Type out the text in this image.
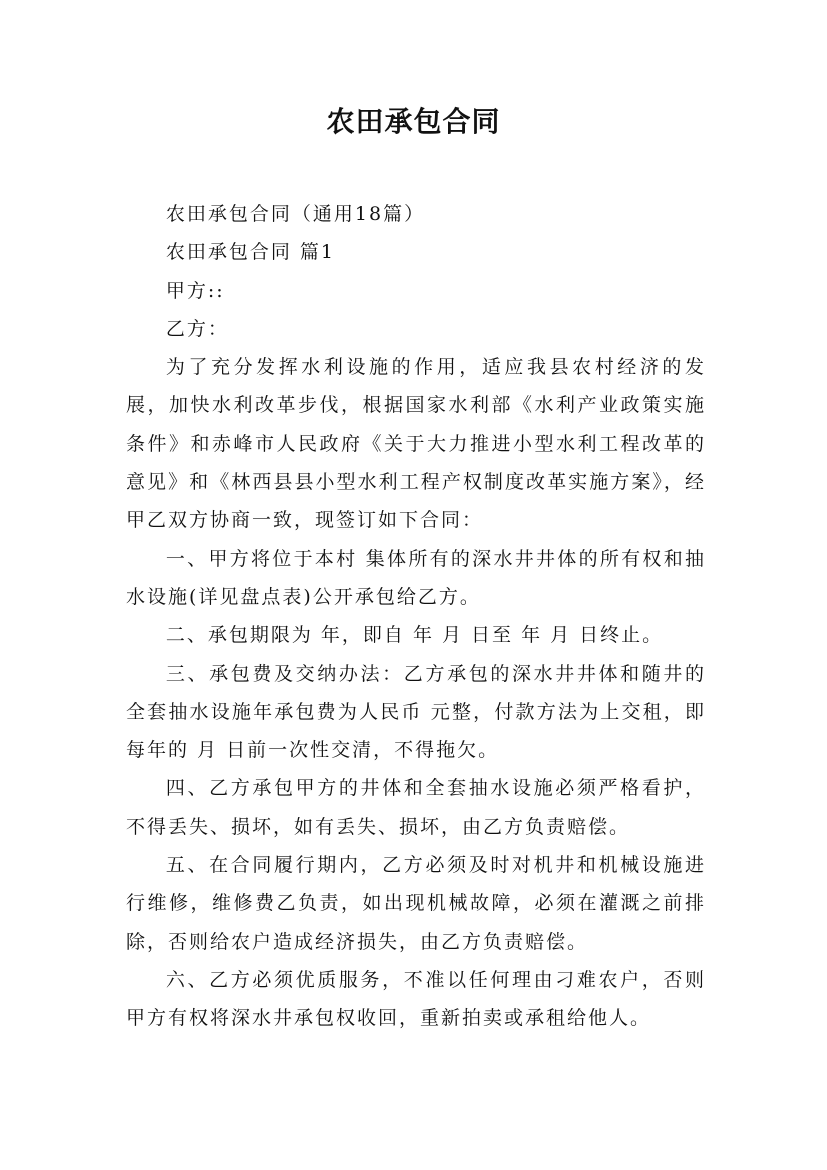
农田承包合同

农田承包合同（通用18篇）

农田承包合同 篇1

甲方::

乙方：

为了充分发挥水利设施的作用，适应我县农村经济的发展，加快水利改革步伐，根据国家水利部《水利产业政策实施条件》和赤峰市人民政府《关于大力推进小型水利工程改革的意见》和《林西县县小型水利工程产权制度改革实施方案》，经甲乙双方协商一致，现签订如下合同：

一、甲方将位于本村 集体所有的深水井井体的所有权和抽水设施(详见盘点表)公开承包给乙方。

二、承包期限为 年，即自 年 月 日至 年 月 日终止。

三、承包费及交纳办法：乙方承包的深水井井体和随井的全套抽水设施年承包费为人民币 元整，付款方法为上交租，即每年的 月 日前一次性交清，不得拖欠。

四、乙方承包甲方的井体和全套抽水设施必须严格看护，不得丢失、损坏，如有丢失、损坏，由乙方负责赔偿。

五、在合同履行期内，乙方必须及时对机井和机械设施进行维修，维修费乙负责，如出现机械故障，必须在灌溉之前排除，否则给农户造成经济损失，由乙方负责赔偿。

六、乙方必须优质服务，不准以任何理由刁难农户，否则甲方有权将深水井承包权收回，重新拍卖或承租给他人。
